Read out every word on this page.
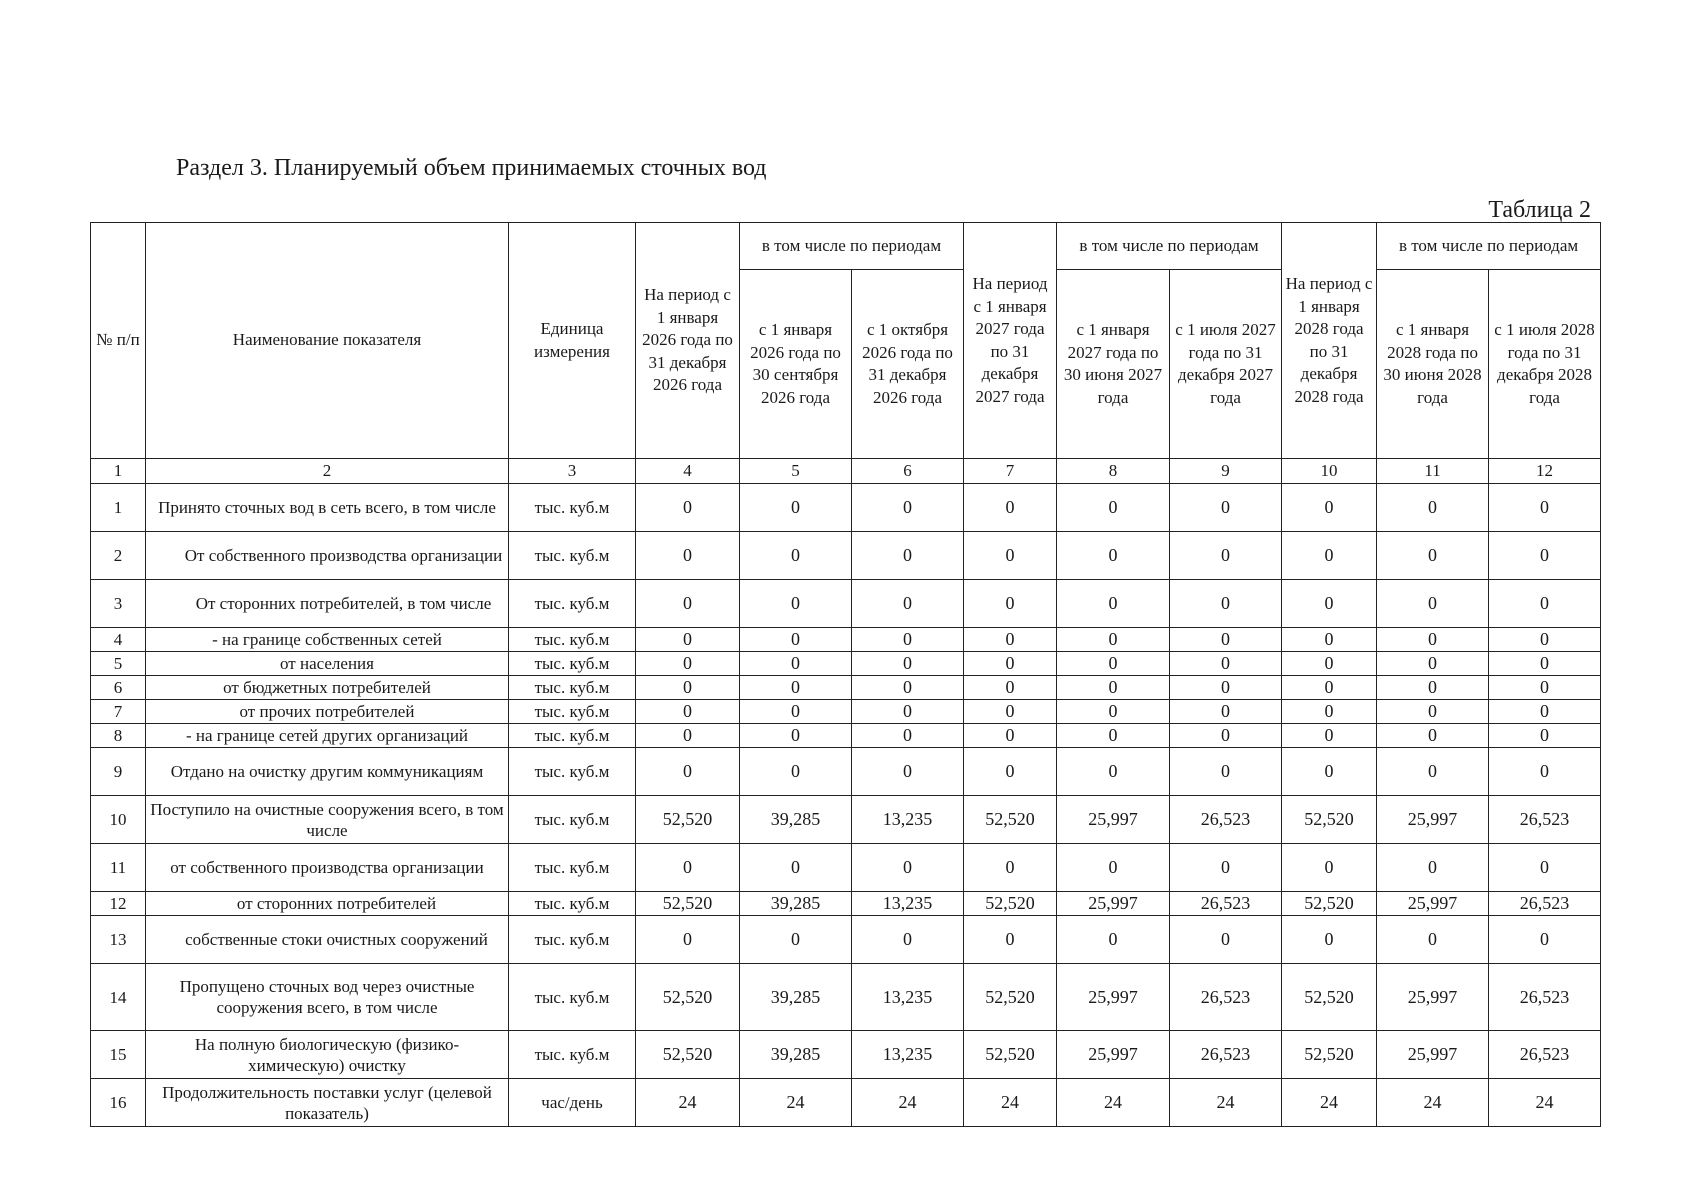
Раздел 3. Планируемый объем принимаемых сточных вод
Таблица 2
№ п/п	Наименование показателя	Единица измерения	На период с 1 января 2026 года по 31 декабря 2026 года	в том числе по периодам		На период с 1 января 2027 года по 31 декабря 2027 года	в том числе по периодам		На период с 1 января 2028 года по 31 декабря 2028 года	в том числе по периодам	
				с 1 января 2026 года по 30 сентября 2026 года	с 1 октября 2026 года по 31 декабря 2026 года		с 1 января 2027 года по 30 июня 2027 года	с 1 июля 2027 года по 31 декабря 2027 года		с 1 января 2028 года по 30 июня 2028 года	с 1 июля 2028 года по 31 декабря 2028 года
1	2	3	4	5	6	7	8	9	10	11	12
1	Принято сточных вод в сеть всего, в том числе	тыс. куб.м	0	0	0	0	0	0	0	0	0
2	От собственного производства организации	тыс. куб.м	0	0	0	0	0	0	0	0	0
3	От сторонних потребителей, в том числе	тыс. куб.м	0	0	0	0	0	0	0	0	0
4	- на границе собственных сетей	тыс. куб.м	0	0	0	0	0	0	0	0	0
5	от населения	тыс. куб.м	0	0	0	0	0	0	0	0	0
6	от бюджетных потребителей	тыс. куб.м	0	0	0	0	0	0	0	0	0
7	от прочих потребителей	тыс. куб.м	0	0	0	0	0	0	0	0	0
8	- на границе сетей других организаций	тыс. куб.м	0	0	0	0	0	0	0	0	0
9	Отдано на очистку другим коммуникациям	тыс. куб.м	0	0	0	0	0	0	0	0	0
10	Поступило на очистные сооружения всего, в том числе	тыс. куб.м	52,520	39,285	13,235	52,520	25,997	26,523	52,520	25,997	26,523
11	от собственного производства организации	тыс. куб.м	0	0	0	0	0	0	0	0	0
12	от сторонних потребителей	тыс. куб.м	52,520	39,285	13,235	52,520	25,997	26,523	52,520	25,997	26,523
13	собственные стоки очистных сооружений	тыс. куб.м	0	0	0	0	0	0	0	0	0
14	Пропущено сточных вод через очистные сооружения всего, в том числе	тыс. куб.м	52,520	39,285	13,235	52,520	25,997	26,523	52,520	25,997	26,523
15	На полную биологическую (физико-химическую) очистку	тыс. куб.м	52,520	39,285	13,235	52,520	25,997	26,523	52,520	25,997	26,523
16	Продолжительность поставки услуг (целевой показатель)	час/день	24	24	24	24	24	24	24	24	24
